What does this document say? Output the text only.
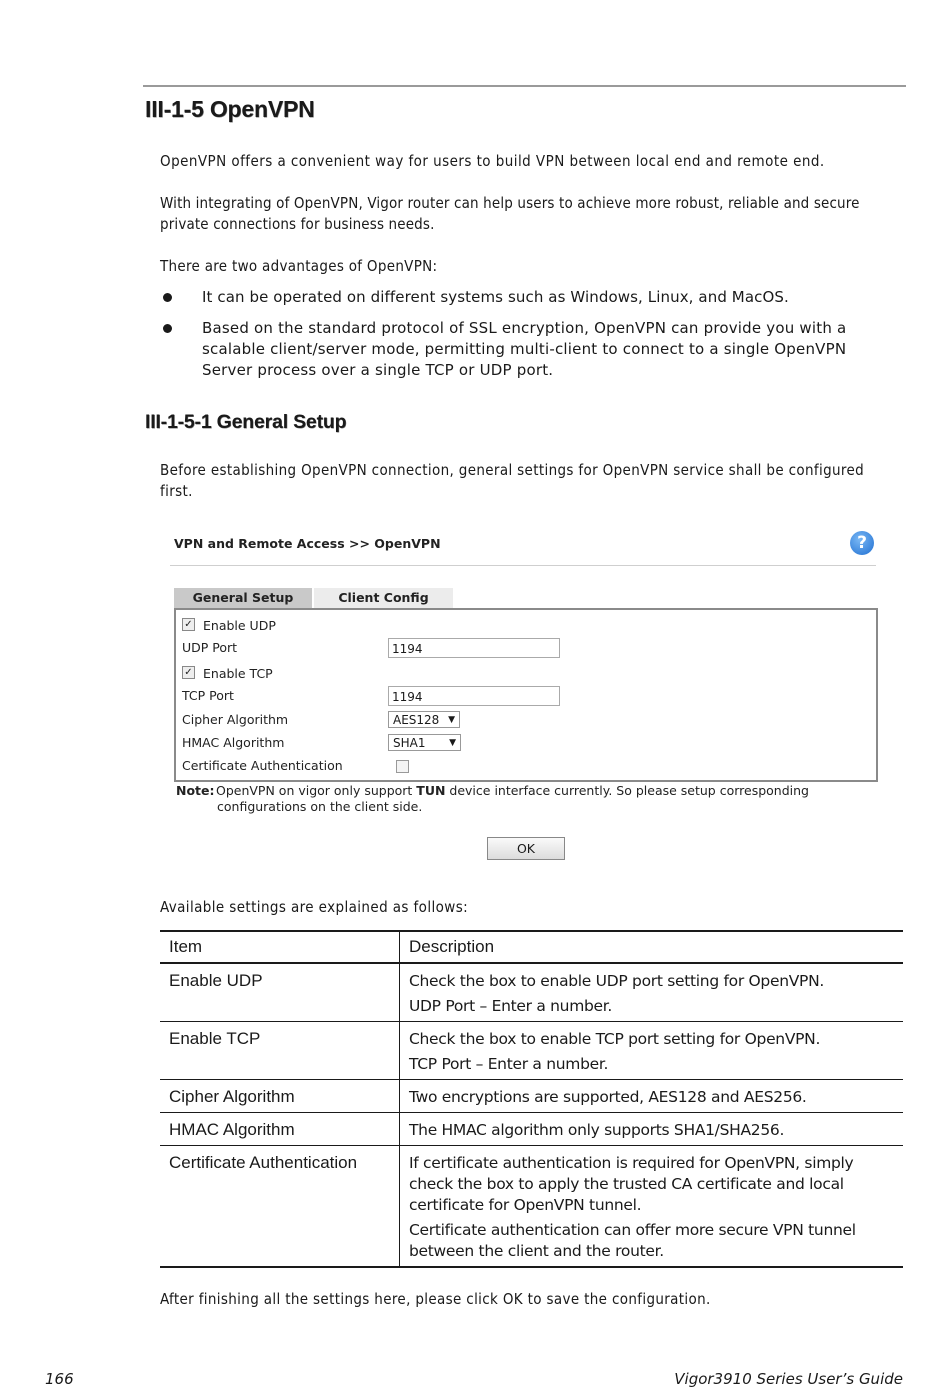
III-1-5 OpenVPN
OpenVPN offers a convenient way for users to build VPN between local end and remote end.
With integrating of OpenVPN, Vigor router can help users to achieve more robust, reliable and secure private connections for business needs.
There are two advantages of OpenVPN:
It can be operated on different systems such as Windows, Linux, and MacOS.
Based on the standard protocol of SSL encryption, OpenVPN can provide you with a scalable client/server mode, permitting multi-client to connect to a single OpenVPN Server process over a single TCP or UDP port.
III-1-5-1 General Setup
Before establishing OpenVPN connection, general settings for OpenVPN service shall be configured first.
VPN and Remote Access >> OpenVPN	?
General Setup	Client Config
✓ Enable UDP
UDP Port	1194
✓ Enable TCP
TCP Port	1194
Cipher Algorithm	AES128 ▼
HMAC Algorithm	SHA1	▼
Certificate Authentication
Note:OpenVPN on vigor only support TUN device interface currently. So please setup corresponding
configurations on the client side.
OK
Available settings are explained as follows:
Item	Description
Enable UDP	Check the box to enable UDP port setting for OpenVPN.
UDP Port – Enter a number.

Enable TCP	Check the box to enable TCP port setting for OpenVPN.
TCP Port – Enter a number.

Cipher Algorithm	Two encryptions are supported, AES128 and AES256.

HMAC Algorithm	The HMAC algorithm only supports SHA1/SHA256.

Certificate Authentication	If certificate authentication is required for OpenVPN, simply check the box to apply the trusted CA certificate and local certificate for OpenVPN tunnel.
Certificate authentication can offer more secure VPN tunnel between the client and the router.
After finishing all the settings here, please click OK to save the configuration.
166	Vigor3910 Series User’s Guide
